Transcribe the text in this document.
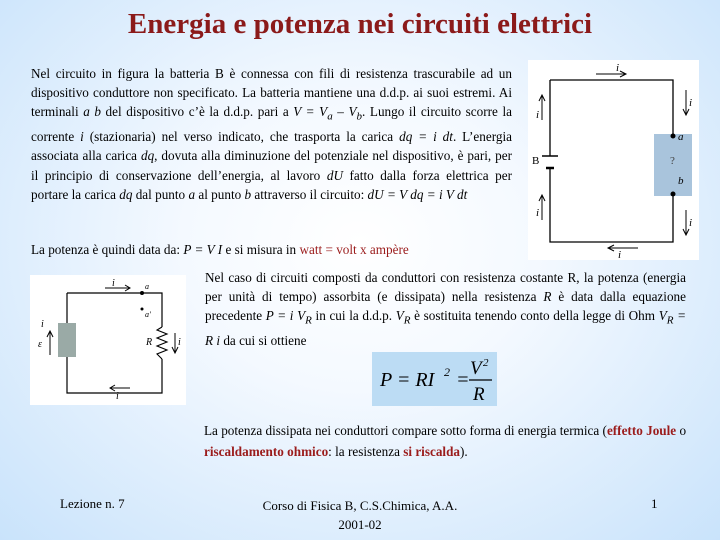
Energia e potenza nei circuiti elettrici
Nel circuito in figura la batteria B è connessa con fili di resistenza trascurabile ad un dispositivo conduttore non specificato. La batteria mantiene una d.d.p. ai suoi estremi. Ai terminali a b del dispositivo c’è la d.d.p. pari a $V = V_a - V_b$. Lungo il circuito scorre la corrente i (stazionaria) nel verso indicato, che trasporta la carica dq = i dt. L’energia associata alla carica dq, dovuta alla diminuzione del potenziale nel dispositivo, è pari, per il principio di conservazione dell’energia, al lavoro dU fatto dalla forza elettrica per portare la carica dq dal punto a al punto b attraverso il circuito: dU = V dq = i V dt
La potenza è quindi data da: P = V I e si misura in watt = volt x ampère
Nel caso di circuiti composti da conduttori con resistenza costante R, la potenza (energia per unità di tempo) assorbita (e dissipata) nella resistenza R è data dalla equazione precedente P = i $V_R$ in cui la d.d.p. $V_R$ è sostituita tenendo conto della legge di Ohm $V_R = R$ i da cui si ottiene
P = RI 2 =
V 2
R
La potenza dissipata nei conduttori compare sotto forma di energia termica (effetto Joule o riscaldamento ohmico: la resistenza si riscalda).
i
i
i
i
i
i
B
a
b
?
i
i
i
i
a
a'
R
ε
Lezione n. 7	Corso di Fisica B, C.S.Chimica, A.A.
2001-02
1
